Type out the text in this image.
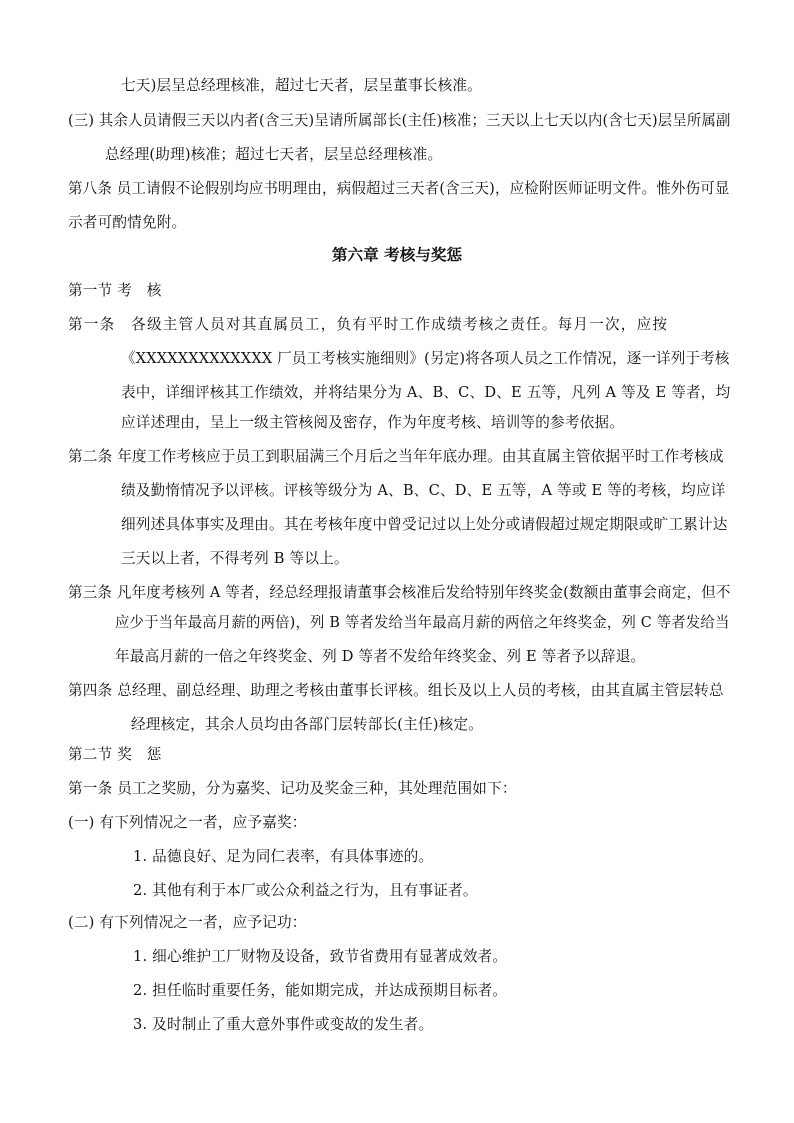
七天)层呈总经理核准，超过七天者，层呈董事长核准。
(三) 其余人员请假三天以内者(含三天)呈请所属部长(主任)核准；三天以上七天以内(含七天)层呈所属副
总经理(助理)核准；超过七天者，层呈总经理核准。
第八条 员工请假不论假别均应书明理由，病假超过三天者(含三天)，应检附医师证明文件。惟外伤可显
示者可酌情免附。
第六章 考核与奖惩
第一节 考　核
第一条　各级主管人员对其直属员工，负有平时工作成绩考核之责任。每月一次，应按
《XXXXXXXXXXXXX 厂员工考核实施细则》(另定)将各项人员之工作情况，逐一详列于考核
表中，详细评核其工作绩效，并将结果分为 A、B、C、D、E 五等，凡列 A 等及 E 等者，均
应详述理由，呈上一级主管核阅及密存，作为年度考核、培训等的参考依据。
第二条 年度工作考核应于员工到职届满三个月后之当年年底办理。由其直属主管依据平时工作考核成
绩及勤惰情况予以评核。评核等级分为 A、B、C、D、E 五等，A 等或 E 等的考核，均应详
细列述具体事实及理由。其在考核年度中曾受记过以上处分或请假超过规定期限或旷工累计达
三天以上者，不得考列 B 等以上。
第三条 凡年度考核列 A 等者，经总经理报请董事会核准后发给特别年终奖金(数额由董事会商定，但不
应少于当年最高月薪的两倍)，列 B 等者发给当年最高月薪的两倍之年终奖金，列 C 等者发给当
年最高月薪的一倍之年终奖金、列 D 等者不发给年终奖金、列 E 等者予以辞退。
第四条 总经理、副总经理、助理之考核由董事长评核。组长及以上人员的考核，由其直属主管层转总
经理核定，其余人员均由各部门层转部长(主任)核定。
第二节 奖　惩
第一条 员工之奖励，分为嘉奖、记功及奖金三种，其处理范围如下：
(一) 有下列情况之一者，应予嘉奖：
1. 品德良好、足为同仁表率，有具体事迹的。
2. 其他有利于本厂或公众利益之行为，且有事证者。
(二) 有下列情况之一者，应予记功：
1. 细心维护工厂财物及设备，致节省费用有显著成效者。
2. 担任临时重要任务，能如期完成，并达成预期目标者。
3. 及时制止了重大意外事件或变故的发生者。
